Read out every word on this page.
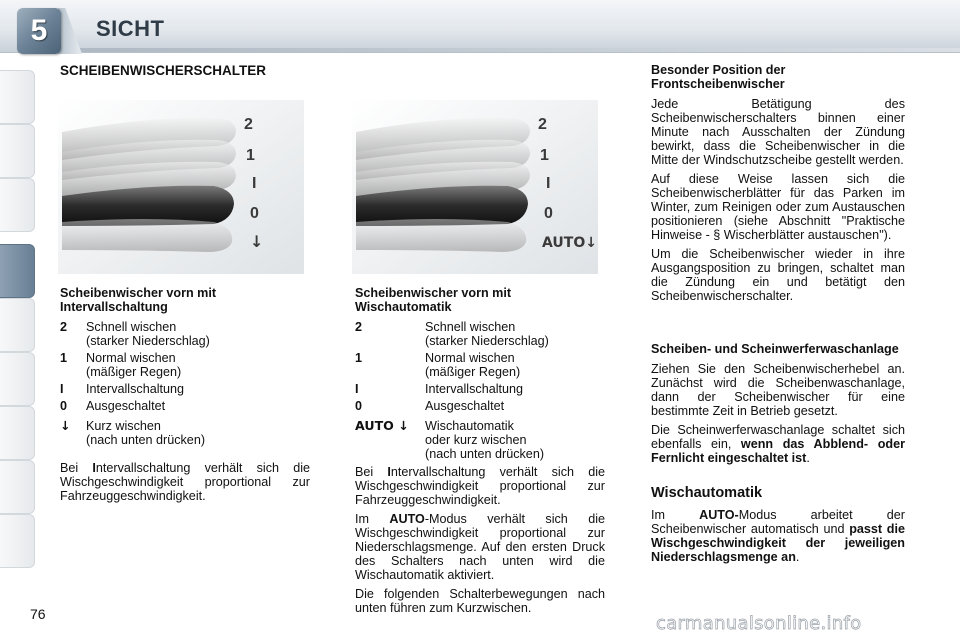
5	SICHT
SCHEIBENWISCHERSCHALTER
2
1
I
0
↓
2
1
I
0
AUTO↓
Scheibenwischer vorn mit Intervallschaltung
2	Schnell wischen
(starker Niederschlag)
1	Normal wischen
(mäßiger Regen)
I	Intervallschaltung
0	Ausgeschaltet
↓	Kurz wischen
(nach unten drücken)
Bei Intervallschaltung verhält sich die Wischgeschwindigkeit proportional zur Fahrzeuggeschwindigkeit.
Scheibenwischer vorn mit Wischautomatik
2	Schnell wischen
(starker Niederschlag)
1	Normal wischen
(mäßiger Regen)
I	Intervallschaltung
0	Ausgeschaltet
AUTO ↓	Wischautomatik
oder kurz wischen
(nach unten drücken)
Bei Intervallschaltung verhält sich die Wischgeschwindigkeit proportional zur Fahrzeuggeschwindigkeit.
Im AUTO-Modus verhält sich die Wischgeschwindigkeit proportional zur Niederschlagsmenge. Auf den ersten Druck des Schalters nach unten wird die Wischautomatik aktiviert.
Die folgenden Schalterbewegungen nach unten führen zum Kurzwischen.
Besonder Position der Frontscheibenwischer
Jede Betätigung des Scheibenwischerschalters binnen einer Minute nach Ausschalten der Zündung bewirkt, dass die Scheibenwischer in die Mitte der Windschutzscheibe gestellt werden.
Auf diese Weise lassen sich die Scheibenwischerblätter für das Parken im Winter, zum Reinigen oder zum Austauschen positionieren (siehe Abschnitt "Praktische Hinweise - § Wischerblätter austauschen").
Um die Scheibenwischer wieder in ihre Ausgangsposition zu bringen, schaltet man die Zündung ein und betätigt den Scheibenwischerschalter.
Scheiben- und Scheinwerferwaschanlage
Ziehen Sie den Scheibenwischerhebel an. Zunächst wird die Scheibenwaschanlage, dann der Scheibenwischer für eine bestimmte Zeit in Betrieb gesetzt.
Die Scheinwerferwaschanlage schaltet sich ebenfalls ein, wenn das Abblend- oder Fernlicht eingeschaltet ist.
Wischautomatik
Im AUTO-Modus arbeitet der Scheibenwischer automatisch und passt die Wischgeschwindigkeit der jeweiligen Niederschlagsmenge an.
76	carmanualsonline.info
